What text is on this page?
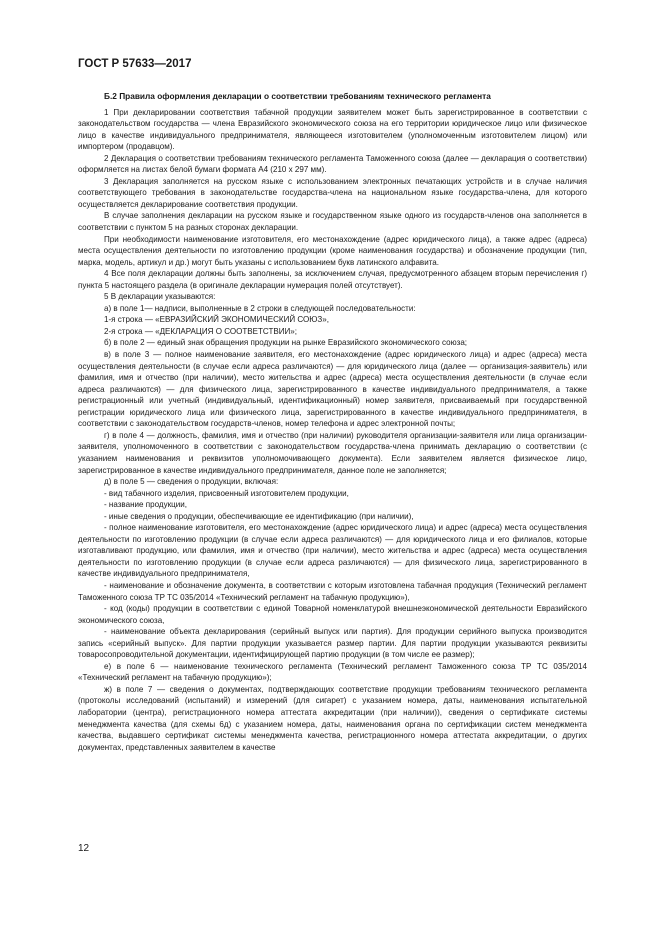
ГОСТ Р 57633—2017

Б.2 Правила оформления декларации о соответствии требованиям технического регламента

1 При декларировании соответствия табачной продукции заявителем может быть зарегистрированное в соответствии с законодательством государства — члена Евразийского экономического союза на его территории юридическое лицо или физическое лицо в качестве индивидуального предпринимателя, являющееся изготовителем (уполномоченным изготовителем лицом) или импортером (продавцом).

2 Декларация о соответствии требованиям технического регламента Таможенного союза (далее — декларация о соответствии) оформляется на листах белой бумаги формата А4 (210 х 297 мм).

3 Декларация заполняется на русском языке с использованием электронных печатающих устройств и в случае наличия соответствующего требования в законодательстве государства-члена на национальном языке государства-члена, для которого осуществляется декларирование соответствия продукции.

В случае заполнения декларации на русском языке и государственном языке одного из государств-членов она заполняется в соответствии с пунктом 5 на разных сторонах декларации.

При необходимости наименование изготовителя, его местонахождение (адрес юридического лица), а также адрес (адреса) места осуществления деятельности по изготовлению продукции (кроме наименования государства) и обозначение продукции (тип, марка, модель, артикул и др.) могут быть указаны с использованием букв латинского алфавита.

4 Все поля декларации должны быть заполнены, за исключением случая, предусмотренного абзацем вторым перечисления г) пункта 5 настоящего раздела (в оригинале декларации нумерация полей отсутствует).

5 В декларации указываются:

а) в поле 1— надписи, выполненные в 2 строки в следующей последовательности:

1-я строка — «ЕВРАЗИЙСКИЙ ЭКОНОМИЧЕСКИЙ СОЮЗ»,

2-я строка — «ДЕКЛАРАЦИЯ О СООТВЕТСТВИИ»;

б) в поле 2 — единый знак обращения продукции на рынке Евразийского экономического союза;

в) в поле 3 — полное наименование заявителя, его местонахождение (адрес юридического лица) и адрес (адреса) места осуществления деятельности (в случае если адреса различаются) — для юридического лица (далее — организация-заявитель) или фамилия, имя и отчество (при наличии), место жительства и адрес (адреса) места осуществления деятельности (в случае если адреса различаются) — для физического лица, зарегистрированного в качестве индивидуального предпринимателя, а также регистрационный или учетный (индивидуальный, идентификационный) номер заявителя, присваиваемый при государственной регистрации юридического лица или физического лица, зарегистрированного в качестве индивидуального предпринимателя, в соответствии с законодательством государств-членов, номер телефона и адрес электронной почты;

г) в поле 4 — должность, фамилия, имя и отчество (при наличии) руководителя организации-заявителя или лица организации-заявителя, уполномоченного в соответствии с законодательством государства-члена принимать декларацию о соответствии (с указанием наименования и реквизитов уполномочивающего документа). Если заявителем является физическое лицо, зарегистрированное в качестве индивидуального предпринимателя, данное поле не заполняется;

д) в поле 5 — сведения о продукции, включая:

- вид табачного изделия, присвоенный изготовителем продукции,

- название продукции,

- иные сведения о продукции, обеспечивающие ее идентификацию (при наличии),

- полное наименование изготовителя, его местонахождение (адрес юридического лица) и адрес (адреса) места осуществления деятельности по изготовлению продукции (в случае если адреса различаются) — для юридического лица и его филиалов, которые изготавливают продукцию, или фамилия, имя и отчество (при наличии), место жительства и адрес (адреса) места осуществления деятельности по изготовлению продукции (в случае если адреса различаются) — для физического лица, зарегистрированного в качестве индивидуального предпринимателя,

- наименование и обозначение документа, в соответствии с которым изготовлена табачная продукция (Технический регламент Таможенного союза ТР ТС 035/2014 «Технический регламент на табачную продукцию»),

- код (коды) продукции в соответствии с единой Товарной номенклатурой внешнеэкономической деятельности Евразийского экономического союза,

- наименование объекта декларирования (серийный выпуск или партия). Для продукции серийного выпуска производится запись «серийный выпуск». Для партии продукции указывается размер партии. Для партии продукции указываются реквизиты товаросопроводительной документации, идентифицирующей партию продукции (в том числе ее размер);

е) в поле 6 — наименование технического регламента (Технический регламент Таможенного союза ТР ТС 035/2014 «Технический регламент на табачную продукцию»);

ж) в поле 7 — сведения о документах, подтверждающих соответствие продукции требованиям технического регламента (протоколы исследований (испытаний) и измерений (для сигарет) с указанием номера, даты, наименования испытательной лаборатории (центра), регистрационного номера аттестата аккредитации (при наличии)), сведения о сертификате системы менеджмента качества (для схемы 6д) с указанием номера, даты, наименования органа по сертификации систем менеджмента качества, выдавшего сертификат системы менеджмента качества, регистрационного номера аттестата аккредитации, о других документах, представленных заявителем в качестве

12
